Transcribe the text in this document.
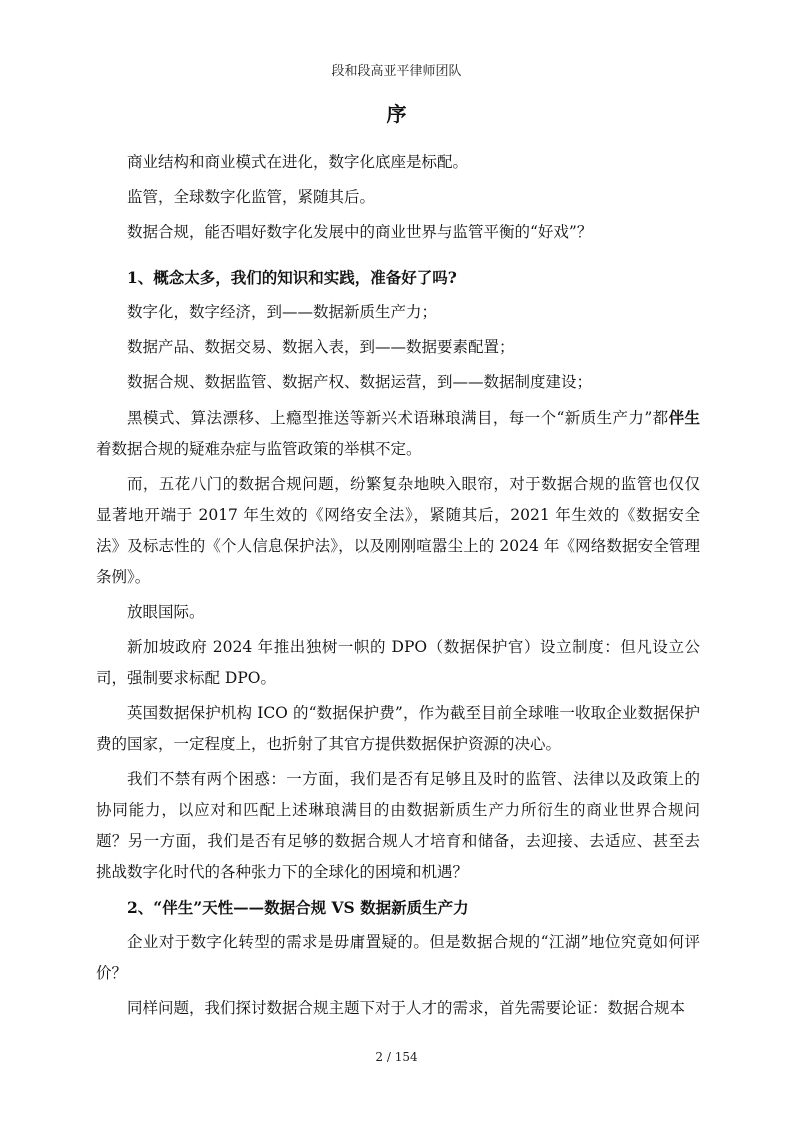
段和段高亚平律师团队
序

商业结构和商业模式在进化，数字化底座是标配。

监管，全球数字化监管，紧随其后。

数据合规，能否唱好数字化发展中的商业世界与监管平衡的“好戏”？

1、概念太多，我们的知识和实践，准备好了吗?

数字化，数字经济，到——数据新质生产力；

数据产品、数据交易、数据入表，到——数据要素配置；

数据合规、数据监管、数据产权、数据运营，到——数据制度建设；

黑模式、算法漂移、上瘾型推送等新兴术语琳琅满目，每一个“新质生产力”都伴生着数据合规的疑难杂症与监管政策的举棋不定。

而，五花八门的数据合规问题，纷繁复杂地映入眼帘，对于数据合规的监管也仅仅显著地开端于 2017 年生效的《网络安全法》，紧随其后，2021 年生效的《数据安全法》及标志性的《个人信息保护法》，以及刚刚喧嚣尘上的 2024 年《网络数据安全管理条例》。

放眼国际。

新加坡政府 2024 年推出独树一帜的 DPO（数据保护官）设立制度：但凡设立公司，强制要求标配 DPO。

英国数据保护机构 ICO 的“数据保护费”，作为截至目前全球唯一收取企业数据保护费的国家，一定程度上，也折射了其官方提供数据保护资源的决心。

我们不禁有两个困惑：一方面，我们是否有足够且及时的监管、法律以及政策上的协同能力，以应对和匹配上述琳琅满目的由数据新质生产力所衍生的商业世界合规问题？另一方面，我们是否有足够的数据合规人才培育和储备，去迎接、去适应、甚至去挑战数字化时代的各种张力下的全球化的困境和机遇？

2、“伴生”天性——数据合规 VS 数据新质生产力

企业对于数字化转型的需求是毋庸置疑的。但是数据合规的“江湖”地位究竟如何评价？

同样问题，我们探讨数据合规主题下对于人才的需求，首先需要论证：数据合规本

2 / 154
